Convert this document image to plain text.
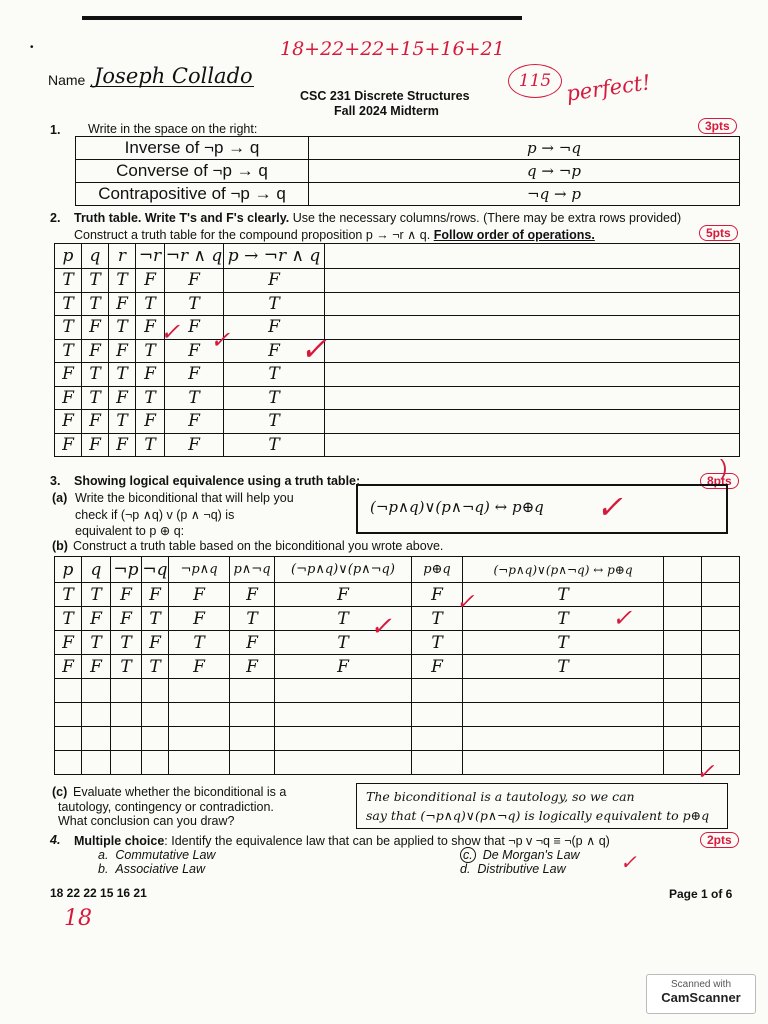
•
Name Joseph Collado
18+22+22+15+16+21
115 perfect!
CSC 231 Discrete Structures
Fall 2024 Midterm
1. Write in the space on the right:	3pts
Inverse of ¬p → q	p → ¬q
Converse of ¬p → q	q → ¬p
Contrapositive of ¬p → q	¬q → p
2. Truth table. Write T's and F's clearly. Use the necessary columns/rows. (There may be extra rows provided)
Construct a truth table for the compound proposition p → ¬r ∧ q. Follow order of operations.	5pts
p	q	r	¬r	¬r ∧ q	p → ¬r ∧ q	
T	T	T	F	F	F	
T	T	F	T	T	T	
T	F	T	F	F	F	
T	F	F	T	F	F	
F	T	T	F	F	T	
F	T	F	T	T	T	
F	F	T	F	F	T	
F	F	F	T	F	T	
✓ ✓ ✓
)
3. Showing logical equivalence using a truth table:	8pts
(a) Write the biconditional that will help you
check if (¬p ∧q) v (p ∧ ¬q) is
equivalent to p ⊕ q:
(¬p∧q)∨(p∧¬q) ↔ p⊕q ✓
(b) Construct a truth table based on the biconditional you wrote above.
p	q	¬p	¬q	¬p∧q	p∧¬q	(¬p∧q)∨(p∧¬q)	p⊕q	(¬p∧q)∨(p∧¬q) ↔ p⊕q		
T	T	F	F	F	F	F	F	T		
T	F	F	T	F	T	T	T	T		
F	T	T	F	T	F	T	T	T		
F	F	T	T	F	F	F	F	T		

✓
✓
✓
(c) Evaluate whether the biconditional is a
tautology, contingency or contradiction.
What conclusion can you draw?
The biconditional is a tautology, so we can
say that (¬p∧q)∨(p∧¬q) is logically equivalent to p⊕q
✓
4. Multiple choice: Identify the equivalence law that can be applied to show that ¬p v ¬q ≡ ¬(p ∧ q)	2pts
a. Commutative Law
b. Associative Law
c. De Morgan's Law
d. Distributive Law	✓
18 22 22 15 16 21	Page 1 of 6
18
Scanned with
CamScanner
